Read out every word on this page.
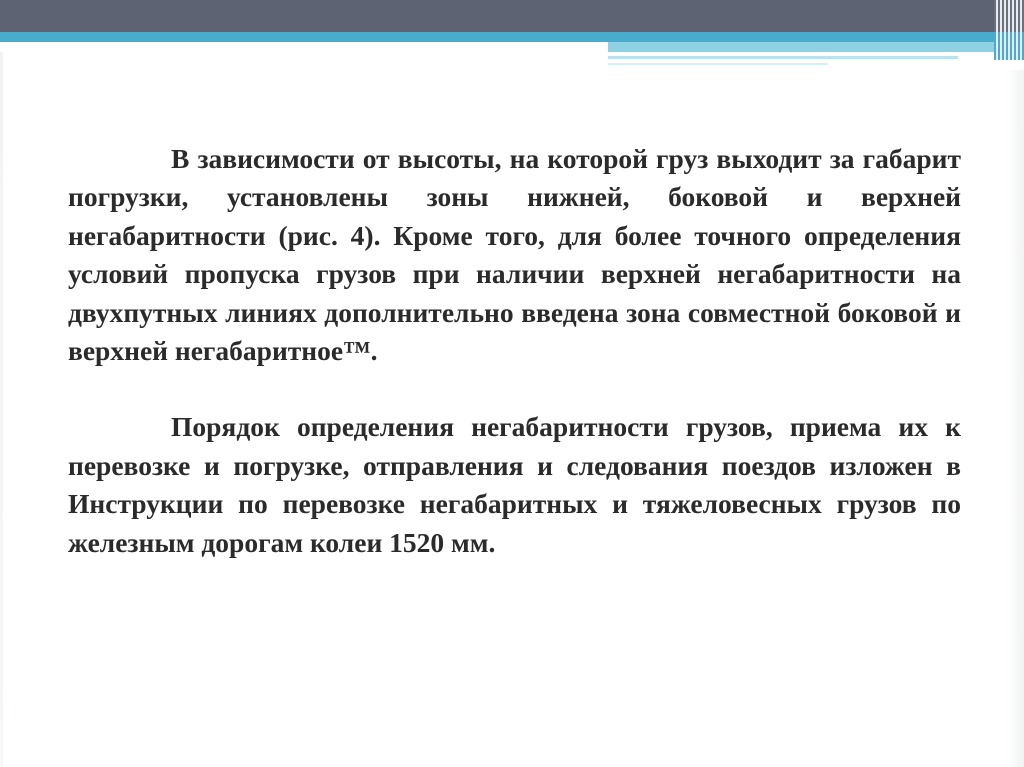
В зависимости от высоты, на которой груз выходит за габарит погрузки, установлены зоны нижней, боковой и верхней негабаритности (рис. 4). Кроме того, для более точного определения условий пропуска грузов при наличии верхней негабаритности на двухпутных линиях дополнительно введена зона совместной боковой и верхней негабаритное™.

Порядок определения негабаритности грузов, приема их к перевозке и погрузке, отправления и следования поездов изложен в Инструкции по перевозке негабаритных и тяжеловесных грузов по железным дорогам колеи 1520 мм.
